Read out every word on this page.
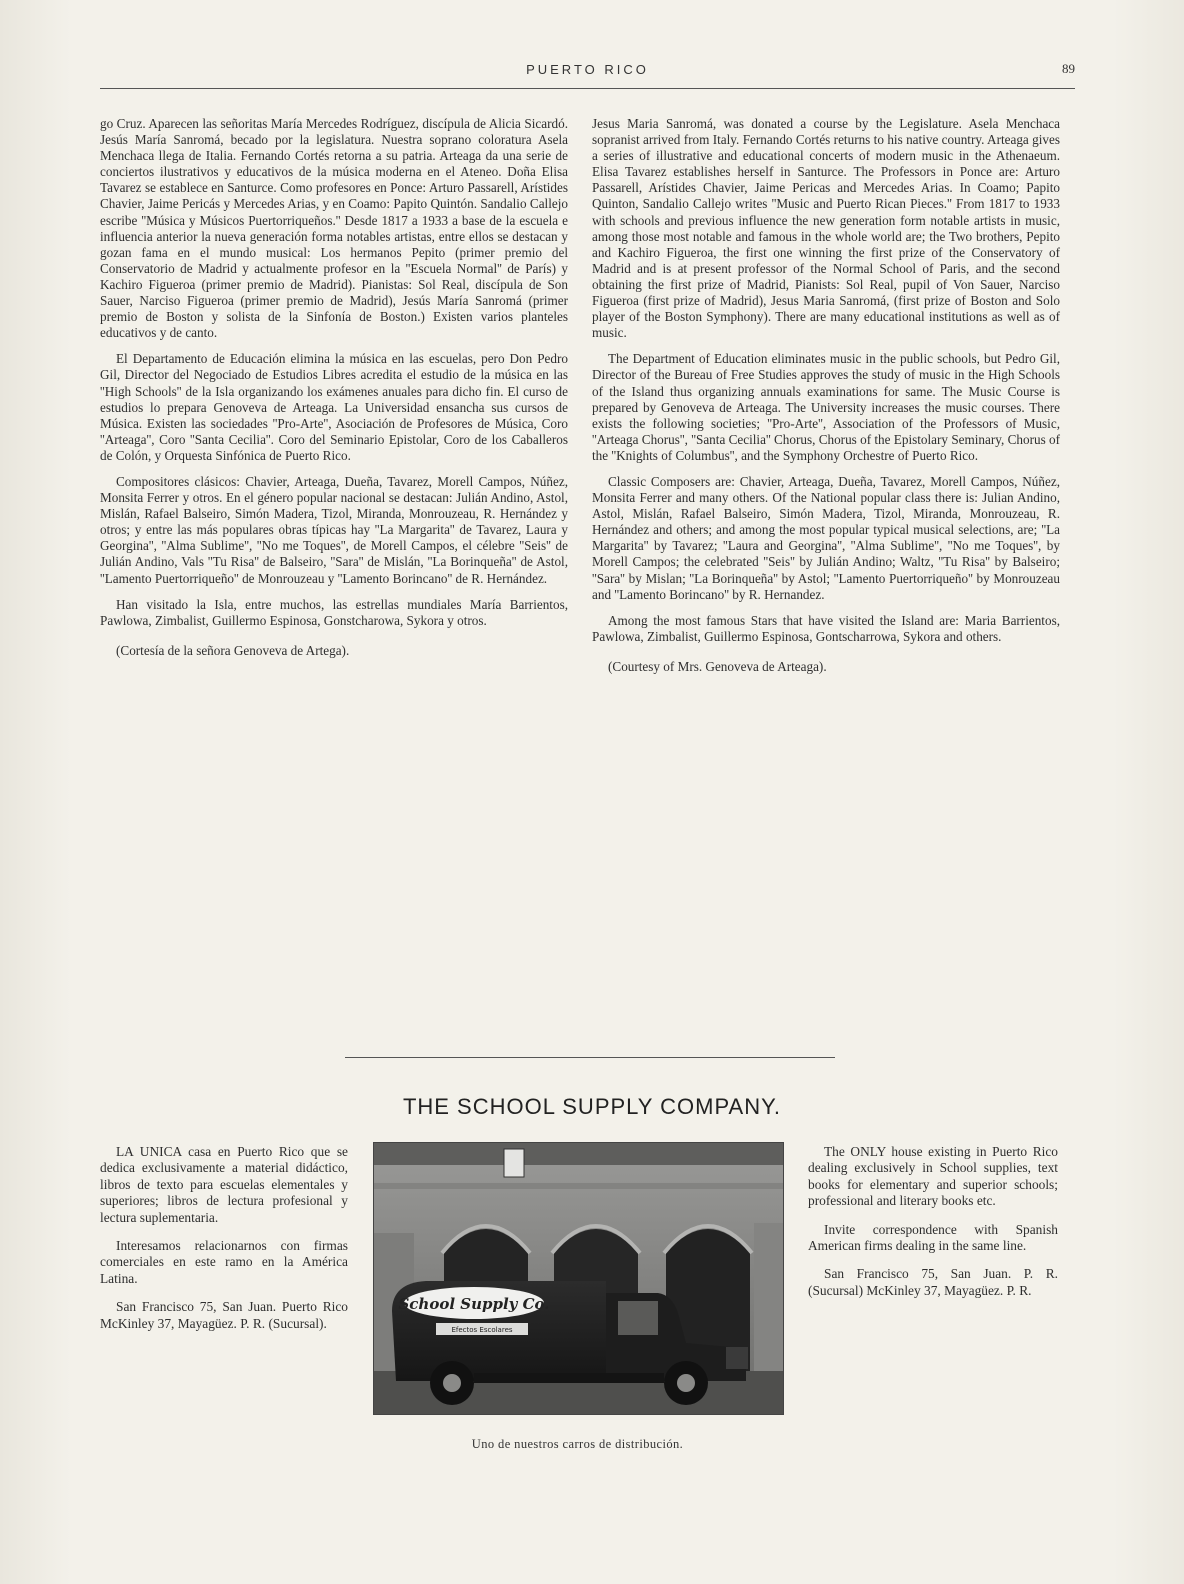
PUERTO RICO	89

go Cruz. Aparecen las señoritas María Mercedes Rodríguez, discípula de Alicia Sicardó. Jesús María Sanromá, becado por la legislatura. Nuestra soprano coloratura Asela Menchaca llega de Italia. Fernando Cortés retorna a su patria. Arteaga da una serie de conciertos ilustrativos y educativos de la música moderna en el Ateneo. Doña Elisa Tavarez se establece en Santurce. Como profesores en Ponce: Arturo Passarell, Arístides Chavier, Jaime Pericás y Mercedes Arias, y en Coamo: Papito Quintón. Sandalio Callejo escribe ''Música y Músicos Puertorriqueños.'' Desde 1817 a 1933 a base de la escuela e influencia anterior la nueva generación forma notables artistas, entre ellos se destacan y gozan fama en el mundo musical: Los hermanos Pepito (primer premio del Conservatorio de Madrid y actualmente profesor en la ''Escuela Normal'' de París) y Kachiro Figueroa (primer premio de Madrid). Pianistas: Sol Real, discípula de Son Sauer, Narciso Figueroa (primer premio de Madrid), Jesús María Sanromá (primer premio de Boston y solista de la Sinfonía de Boston.) Existen varios planteles educativos y de canto.

El Departamento de Educación elimina la música en las escuelas, pero Don Pedro Gil, Director del Negociado de Estudios Libres acredita el estudio de la música en las ''High Schools'' de la Isla organizando los exámenes anuales para dicho fin. El curso de estudios lo prepara Genoveva de Arteaga. La Universidad ensancha sus cursos de Música. Existen las sociedades ''Pro-Arte'', Asociación de Profesores de Música, Coro ''Arteaga'', Coro ''Santa Cecilia''. Coro del Seminario Epistolar, Coro de los Caballeros de Colón, y Orquesta Sinfónica de Puerto Rico.

Compositores clásicos: Chavier, Arteaga, Dueña, Tavarez, Morell Campos, Núñez, Monsita Ferrer y otros. En el género popular nacional se destacan: Julián Andino, Astol, Mislán, Rafael Balseiro, Simón Madera, Tizol, Miranda, Monrouzeau, R. Hernández y otros; y entre las más populares obras típicas hay ''La Margarita'' de Tavarez, Laura y Georgina'', ''Alma Sublime'', ''No me Toques'', de Morell Campos, el célebre ''Seis'' de Julián Andino, Vals ''Tu Risa'' de Balseiro, ''Sara'' de Mislán, ''La Borinqueña'' de Astol, ''Lamento Puertorriqueño'' de Monrouzeau y ''Lamento Borincano'' de R. Hernández.

Han visitado la Isla, entre muchos, las estrellas mundiales María Barrientos, Pawlowa, Zimbalist, Guillermo Espinosa, Gonstcharowa, Sykora y otros.

(Cortesía de la señora Genoveva de Artega).

Jesus Maria Sanromá, was donated a course by the Legislature. Asela Menchaca sopranist arrived from Italy. Fernando Cortés returns to his native country. Arteaga gives a series of illustrative and educational concerts of modern music in the Athenaeum. Elisa Tavarez establishes herself in Santurce. The Professors in Ponce are: Arturo Passarell, Arístides Chavier, Jaime Pericas and Mercedes Arias. In Coamo; Papito Quinton, Sandalio Callejo writes ''Music and Puerto Rican Pieces.'' From 1817 to 1933 with schools and previous influence the new generation form notable artists in music, among those most notable and famous in the whole world are; the Two brothers, Pepito and Kachiro Figueroa, the first one winning the first prize of the Conservatory of Madrid and is at present professor of the Normal School of Paris, and the second obtaining the first prize of Madrid, Pianists: Sol Real, pupil of Von Sauer, Narciso Figueroa (first prize of Madrid), Jesus Maria Sanromá, (first prize of Boston and Solo player of the Boston Symphony). There are many educational institutions as well as of music.

The Department of Education eliminates music in the public schools, but Pedro Gil, Director of the Bureau of Free Studies approves the study of music in the High Schools of the Island thus organizing annuals examinations for same. The Music Course is prepared by Genoveva de Arteaga. The University increases the music courses. There exists the following societies; ''Pro-Arte'', Association of the Professors of Music, ''Arteaga Chorus'', ''Santa Cecilia'' Chorus, Chorus of the Epistolary Seminary, Chorus of the ''Knights of Columbus'', and the Symphony Orchestre of Puerto Rico.

Classic Composers are: Chavier, Arteaga, Dueña, Tavarez, Morell Campos, Núñez, Monsita Ferrer and many others. Of the National popular class there is: Julian Andino, Astol, Mislán, Rafael Balseiro, Simón Madera, Tizol, Miranda, Monrouzeau, R. Hernández and others; and among the most popular typical musical selections, are; ''La Margarita'' by Tavarez; ''Laura and Georgina'', ''Alma Sublime'', ''No me Toques'', by Morell Campos; the celebrated ''Seis'' by Julián Andino; Waltz, ''Tu Risa'' by Balseiro; ''Sara'' by Mislan; ''La Borinqueña'' by Astol; ''Lamento Puertorriqueño'' by Monrouzeau and ''Lamento Borincano'' by R. Hernandez.

Among the most famous Stars that have visited the Island are: Maria Barrientos, Pawlowa, Zimbalist, Guillermo Espinosa, Gontscharrowa, Sykora and others.

(Courtesy of Mrs. Genoveva de Arteaga).

THE SCHOOL SUPPLY COMPANY.

LA UNICA casa en Puerto Rico que se dedica exclusivamente a material didáctico, libros de texto para escuelas elementales y superiores; libros de lectura profesional y lectura suplementaria.

Interesamos relacionarnos con firmas comerciales en este ramo en la América Latina.

San Francisco 75, San Juan. Puerto Rico McKinley 37, Mayagüez. P. R. (Sucursal).

School Supply Co.
Efectos Escolares
Uno de nuestros carros de distribución.

The ONLY house existing in Puerto Rico dealing exclusively in School supplies, text books for elementary and superior schools; professional and literary books etc.

Invite correspondence with Spanish American firms dealing in the same line.

San Francisco 75, San Juan. P. R. (Sucursal) McKinley 37, Mayagüez. P. R.
